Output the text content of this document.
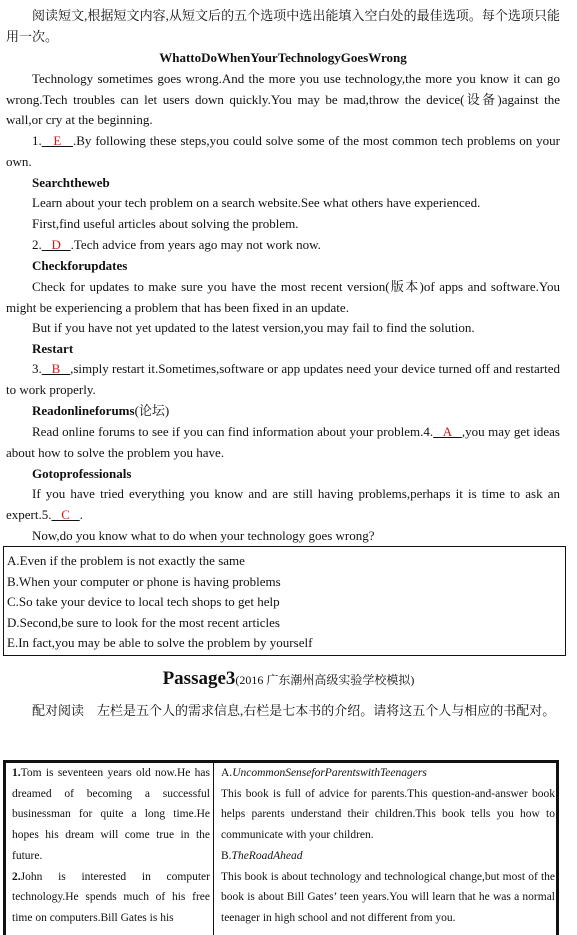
阅读短文,根据短文内容,从短文后的五个选项中选出能填入空白处的最佳选项。每个选项只能用一次。
WhattoDoWhenYourTechnologyGoesWrong
Technology sometimes goes wrong.And the more you use technology,the more you know it can go wrong.Tech troubles can let users down quickly.You may be mad,throw the device(设备)against the wall,or cry at the beginning.
1.   E   .By following these steps,you could solve some of the most common tech problems on your own.
Searchtheweb
Learn about your tech problem on a search website.See what others have experienced.
First,find useful articles about solving the problem.
2.   D   .Tech advice from years ago may not work now.
Checkforupdates
Check for updates to make sure you have the most recent version(版本)of apps and software.You might be experiencing a problem that has been fixed in an update.
But if you have not yet updated to the latest version,you may fail to find the solution.
Restart
3.   B   ,simply restart it.Sometimes,software or app updates need your device turned off and restarted to work properly.
Readonlineforums(论坛)
Read online forums to see if you can find information about your problem.4.   A   ,you may get ideas about how to solve the problem you have.
Gotoprofessionals
If you have tried everything you know and are still having problems,perhaps it is time to ask an expert.5.   C   .
Now,do you know what to do when your technology goes wrong?
A.Even if the problem is not exactly the same
B.When your computer or phone is having problems
C.So take your device to local tech shops to get help
D.Second,be sure to look for the most recent articles
E.In fact,you may be able to solve the problem by yourself
Passage3(2016 广东潮州高级实验学校模拟)
配对阅读　左栏是五个人的需求信息,右栏是七本书的介绍。请将这五个人与相应的书配对。
1.Tom is seventeen years old now.He has dreamed of becoming a successful businessman for quite a long time.He hopes his dream will come true in the future.
2.John is interested in computer technology.He spends much of his free time on computers.Bill Gates is his
A.UncommonSenseforParentswithTeenagers
This book is full of advice for parents.This question-and-answer book helps parents understand their children.This book tells you how to communicate with your children.
B.TheRoadAhead
This book is about technology and technological change,but most of the book is about Bill Gates’ teen years.You will learn that he was a normal teenager in high school and not different from you.
